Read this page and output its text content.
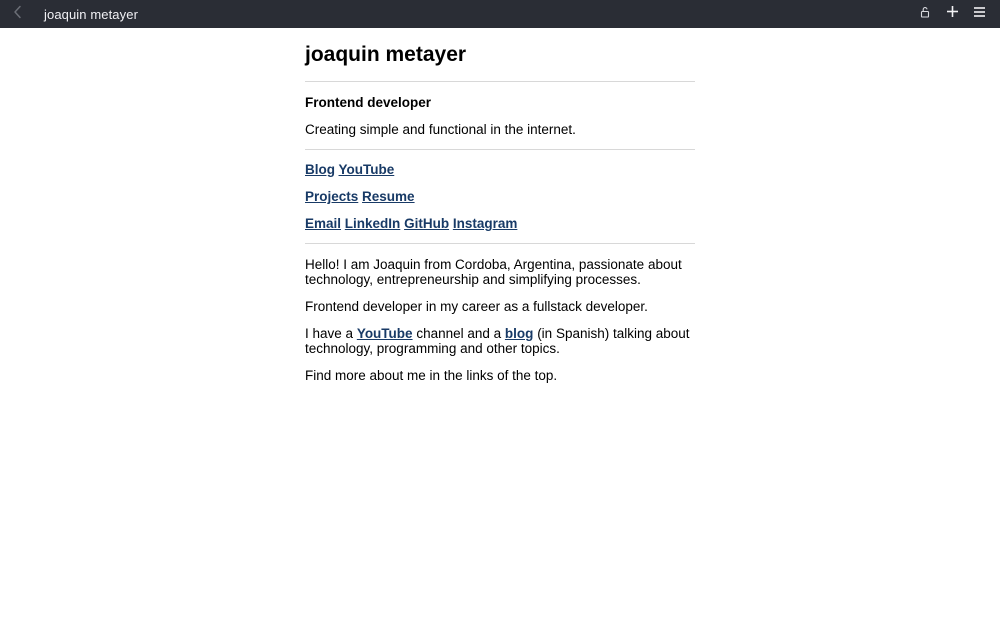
joaquin metayer
joaquin metayer
Frontend developer

Creating simple and functional in the internet.

Blog YouTube
Projects Resume
Email LinkedIn GitHub Instagram

Hello! I am Joaquin from Cordoba, Argentina, passionate about technology, entrepreneurship and simplifying processes.

Frontend developer in my career as a fullstack developer.

I have a YouTube channel and a blog (in Spanish) talking about technology, programming and other topics.

Find more about me in the links of the top.
